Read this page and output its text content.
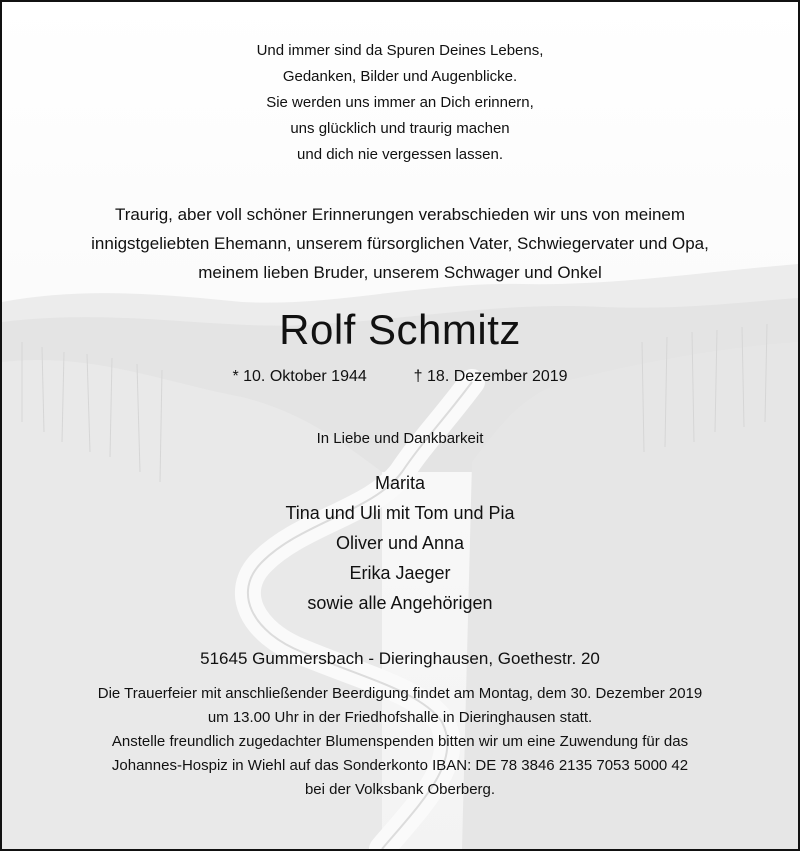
Und immer sind da Spuren Deines Lebens,
Gedanken, Bilder und Augenblicke.
Sie werden uns immer an Dich erinnern,
uns glücklich und traurig machen
und dich nie vergessen lassen.
Traurig, aber voll schöner Erinnerungen verabschieden wir uns von meinem
innigstgeliebten Ehemann, unserem fürsorglichen Vater, Schwiegervater und Opa,
meinem lieben Bruder, unserem Schwager und Onkel
Rolf Schmitz
* 10. Oktober 1944	† 18. Dezember 2019
In Liebe und Dankbarkeit
Marita
Tina und Uli mit Tom und Pia
Oliver und Anna
Erika Jaeger
sowie alle Angehörigen
51645 Gummersbach - Dieringhausen, Goethestr. 20
Die Trauerfeier mit anschließender Beerdigung findet am Montag, dem 30. Dezember 2019
um 13.00 Uhr in der Friedhofshalle in Dieringhausen statt.
Anstelle freundlich zugedachter Blumenspenden bitten wir um eine Zuwendung für das
Johannes-Hospiz in Wiehl auf das Sonderkonto IBAN: DE 78 3846 2135 7053 5000 42
bei der Volksbank Oberberg.
